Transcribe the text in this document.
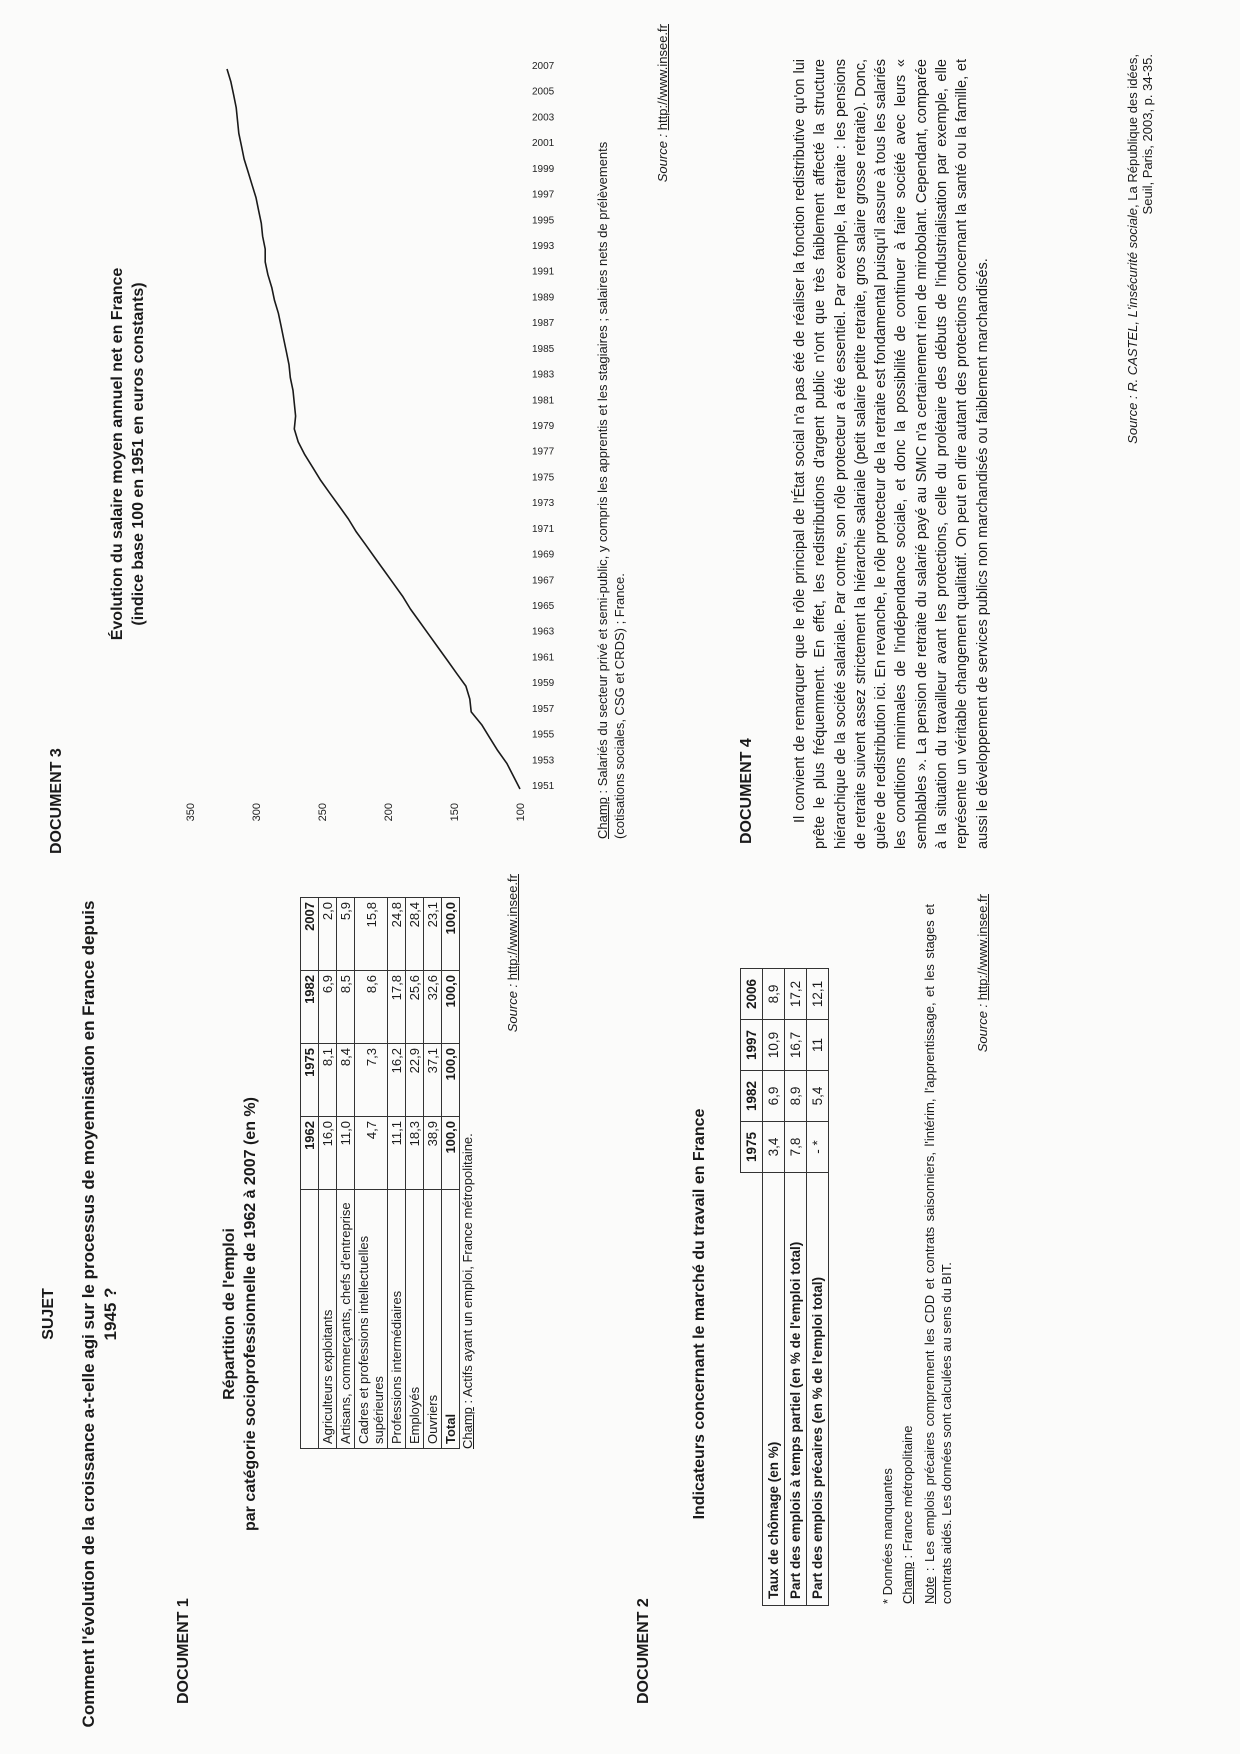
SUJET Comment l'évolution de la croissance a-t-elle agi sur le processus de moyennisation en France depuis 1945 ?
DOCUMENT 1
Répartition de l'emploi par catégorie socioprofessionnelle de 1962 à 2007 (en %)
		1962	1975	1982	2007
Agriculteurs exploitants	16,0	8,1	6,9	2,0
Artisans, commerçants, chefs d'entreprise	11,0	8,4	8,5	5,9
Cadres et professions intellectuelles supérieures	4,7	7,3	8,6	15,8
Professions intermédiaires	11,1	16,2	17,8	24,8
Employés	18,3	22,9	25,6	28,4
Ouvriers	38,9	37,1	32,6	23,1
Total	100,0	100,0	100,0	100,0
Champ : Actifs ayant un emploi, France métropolitaine.
Source : http://www.insee.fr
DOCUMENT 2
Indicateurs concernant le marché du travail en France
		1975	1982	1997	2006
Taux de chômage (en %)	3,4	6,9	10,9	8,9
Part des emplois à temps partiel (en % de l'emploi total)	7,8	8,9	16,7	17,2
Part des emplois précaires (en % de l'emploi total)	- *	5,4	11	12,1
* Données manquantes Champ : France métropolitaine
Note : Les emplois précaires comprennent les CDD et contrats saisonniers, l'intérim, l'apprentissage, et les stages et contrats aidés. Les données sont calculées au sens du BIT.
Source : http://www.insee.fr
DOCUMENT 3
Évolution du salaire moyen annuel net en France (indice base 100 en 1951 en euros constants)
100
150
200
250
300
350
1951
1953
1955
1957
1959
1961
1963
1965
1967
1969
1971
1973
1975
1977
1979
1981
1983
1985
1987
1989
1991
1993
1995
1997
1999
2001
2003
2005
2007
Champ : Salariés du secteur privé et semi-public, y compris les apprentis et les stagiaires ; salaires nets de prélèvements (cotisations sociales, CSG et CRDS) ; France.
Source : http://www.insee.fr
DOCUMENT 4	Il convient de remarquer que le rôle principal de l'État social n'a pas été de réaliser la fonction redistributive qu'on lui prête le plus fréquemment. En effet, les redistributions d'argent public n'ont que très faiblement affecté la structure hiérarchique de la société salariale. Par contre, son rôle protecteur a été essentiel. Par exemple, la retraite : les pensions de retraite suivent assez strictement la hiérarchie salariale (petit salaire petite retraite, gros salaire grosse retraite). Donc, guère de redistribution ici. En revanche, le rôle protecteur de la retraite est fondamental puisqu'il assure à tous les salariés les conditions minimales de l'indépendance sociale, et donc la possibilité de continuer à faire société avec leurs « semblables ». La pension de retraite du salarié payé au SMIC n'a certainement rien de mirobolant. Cependant, comparée à la situation du travailleur avant les protections, celle du prolétaire des débuts de l'industrialisation par exemple, elle représente un véritable changement qualitatif. On peut en dire autant des protections concernant la santé ou la famille, et aussi le développement de services publics non marchandisés ou faiblement marchandisés.	Source : R. CASTEL, L'insécurité sociale, La République des idées, Seuil, Paris, 2003, p. 34-35.
